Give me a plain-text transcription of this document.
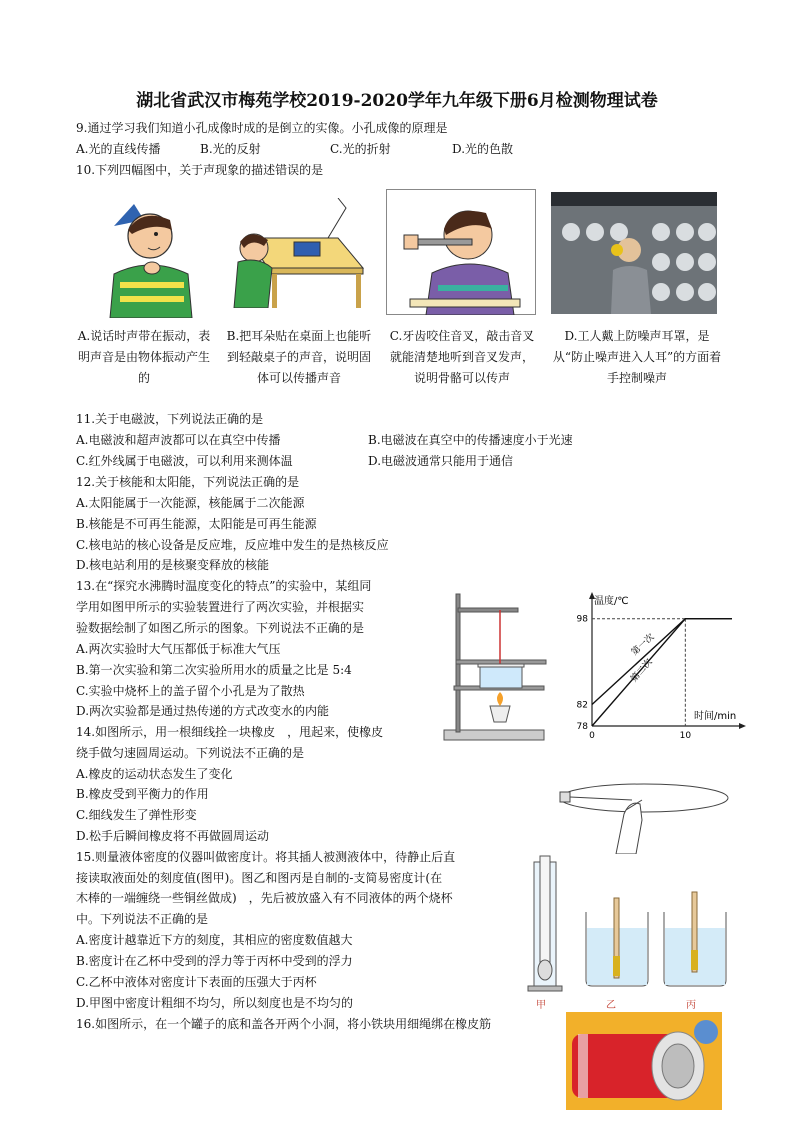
湖北省武汉市梅苑学校2019-2020学年九年级下册6月检测物理试卷
9.通过学习我们知道小孔成像时成的是倒立的实像。小孔成像的原理是
A.光的直线传播	B.光的反射	C.光的折射	D.光的色散
10.下列四幅图中，关于声现象的描述错误的是
A.说话时声带在振动，表明声音是由物体振动产生的
B.把耳朵贴在桌面上也能听到轻敲桌子的声音，说明固体可以传播声音
C.牙齿咬住音叉，敲击音叉就能清楚地听到音叉发声，说明骨骼可以传声
D.工人戴上防噪声耳罩，是从“防止噪声进入人耳”的方面着手控制噪声
11.关于电磁波，下列说法正确的是
A.电磁波和超声波都可以在真空中传播	B.电磁波在真空中的传播速度小于光速
C.红外线属于电磁波，可以利用来测体温	D.电磁波通常只能用于通信
12.关于核能和太阳能，下列说法正确的是
A.太阳能属于一次能源，核能属于二次能源
B.核能是不可再生能源，太阳能是可再生能源
C.核电站的核心设备是反应堆，反应堆中发生的是热核反应
D.核电站利用的是核聚变释放的核能
13.在“探究水沸腾时温度变化的特点”的实验中，某组同
学用如图甲所示的实验装置进行了两次实验，并根据实
验数据绘制了如图乙所示的图象。下列说法不正确的是
A.两次实验时大气压都低于标准大气压
B.第一次实验和第二次实验所用水的质量之比是 5:4
C.实验中烧杯上的盖子留个小孔是为了散热
D.两次实验都是通过热传递的方式改变水的内能
温度/℃
时间/min
78
82
98
0	10
第一次
第二次
14.如图所示，用一根细线拴一块橡皮　，甩起来，使橡皮
绕手做匀速圆周运动。下列说法不正确的是
A.橡皮的运动状态发生了变化
B.橡皮受到平衡力的作用
C.细线发生了弹性形变
D.松手后瞬间橡皮将不再做圆周运动
15.则量液体密度的仪器叫做密度计。将其插人被测液体中，待静止后直
接读取液面处的刻度值(图甲)。图乙和图丙是自制的-支简易密度计(在
木棒的一端缠绕一些铜丝做成)　，先后被放盛入有不同液体的两个烧杯
中。下列说法不正确的是
A.密度计越靠近下方的刻度，其相应的密度数值越大
B.密度计在乙杯中受到的浮力等于丙杯中受到的浮力
C.乙杯中液体对密度计下表面的压强大于丙杯
D.甲图中密度计粗细不均匀，所以刻度也是不均匀的	甲	乙	丙
16.如图所示，在一个罐子的底和盖各开两个小洞，将小铁块用细绳绑在橡皮筋
